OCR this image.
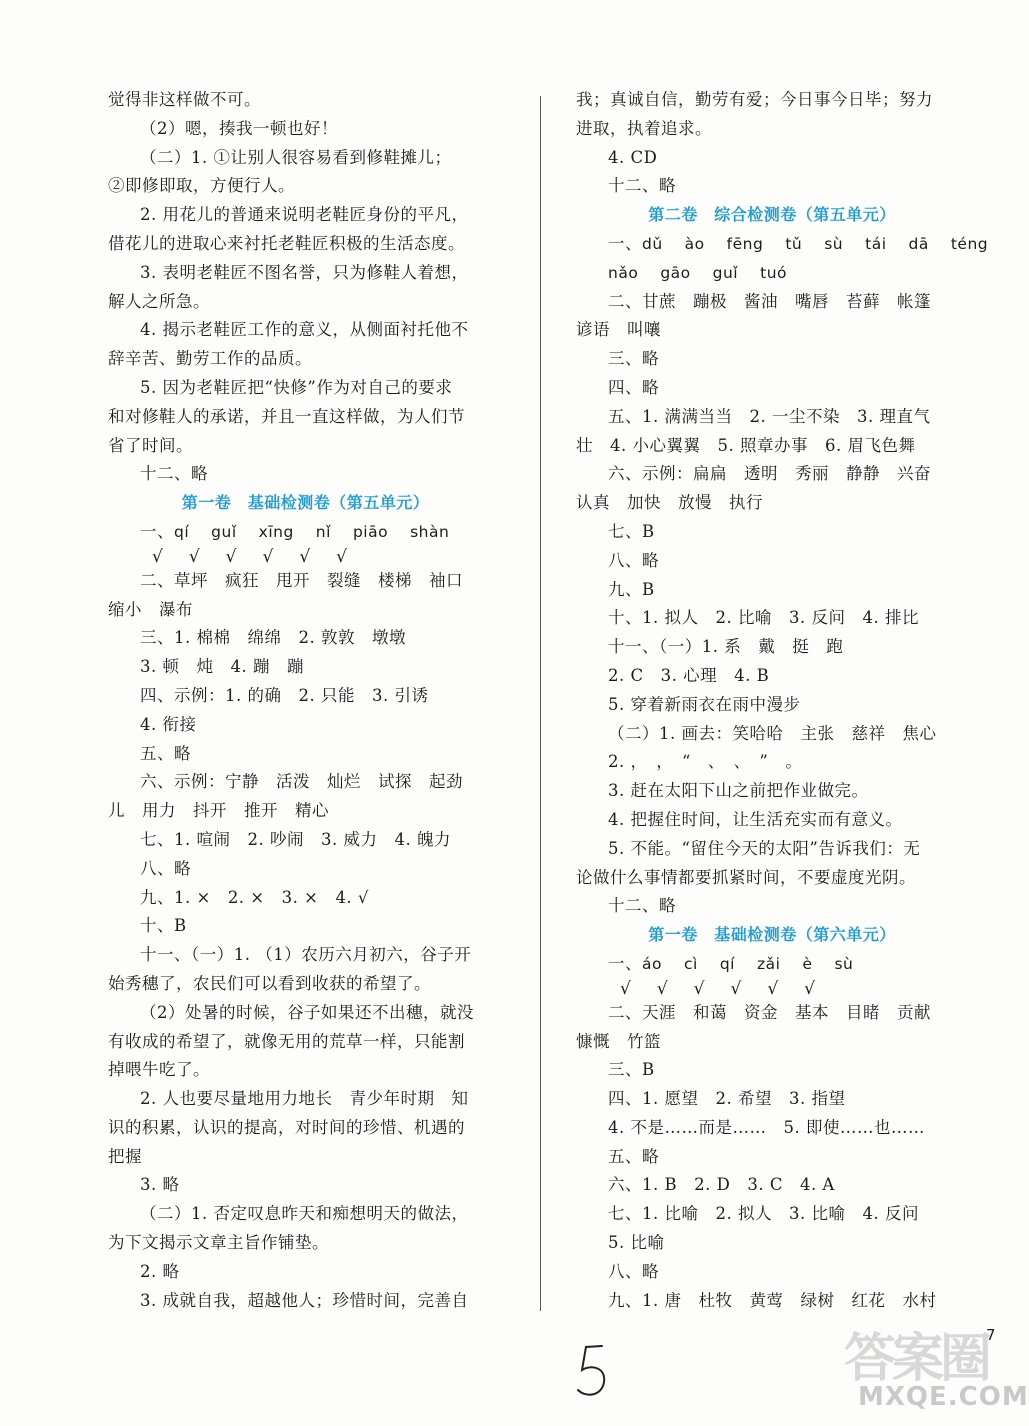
觉得非这样做不可。
（2）嗯，揍我一顿也好！
（二）1. ①让别人很容易看到修鞋摊儿；
②即修即取，方便行人。
2. 用花儿的普通来说明老鞋匠身份的平凡，
借花儿的进取心来衬托老鞋匠积极的生活态度。
3. 表明老鞋匠不图名誉，只为修鞋人着想，
解人之所急。
4. 揭示老鞋匠工作的意义，从侧面衬托他不
辞辛苦、勤劳工作的品质。
5. 因为老鞋匠把“快修”作为对自己的要求
和对修鞋人的承诺，并且一直这样做，为人们节
省了时间。
十二、略
第一卷　基础检测卷（第五单元）
一、qí guǐ xīng nǐ piāo shàn
√√√√√√
二、草坪　疯狂　甩开　裂缝　楼梯　袖口
缩小　瀑布
三、1. 棉棉　绵绵　2. 敦敦　墩墩
3. 顿　炖　4. 蹦　蹦
四、示例：1. 的确　2. 只能　3. 引诱
4. 衔接
五、略
六、示例：宁静　活泼　灿烂　试探　起劲
儿　用力　抖开　推开　精心
七、1. 喧闹　2. 吵闹　3. 威力　4. 魄力
八、略
九、1. ×　2. ×　3. ×　4. √
十、B
十一、（一）1. （1）农历六月初六，谷子开
始秀穗了，农民们可以看到收获的希望了。
（2）处暑的时候，谷子如果还不出穗，就没
有收成的希望了，就像无用的荒草一样，只能割
掉喂牛吃了。
2. 人也要尽量地用力地长　青少年时期　知
识的积累，认识的提高，对时间的珍惜、机遇的
把握
3. 略
（二）1. 否定叹息昨天和痴想明天的做法，
为下文揭示文章主旨作铺垫。
2. 略
3. 成就自我，超越他人；珍惜时间，完善自
我；真诚自信，勤劳有爱；今日事今日毕；努力
进取，执着追求。
4. CD
十二、略
第二卷　综合检测卷（第五单元）
一、dǔ ào fēng tǔ sù tái dā téng
nǎo gāo guǐ tuó
二、甘蔗　蹦极　酱油　嘴唇　苔藓　帐篷
谚语　叫嚷
三、略
四、略
五、1. 满满当当　2. 一尘不染　3. 理直气
壮　4. 小心翼翼　5. 照章办事　6. 眉飞色舞
六、示例：扁扁　透明　秀丽　静静　兴奋
认真　加快　放慢　执行
七、B
八、略
九、B
十、1. 拟人　2. 比喻　3. 反问　4. 排比
十一、（一）1. 系　戴　挺　跑
2. C　3. 心理　4. B
5. 穿着新雨衣在雨中漫步
（二）1. 画去：笑哈哈　主张　慈祥　焦心
2. ，　，　“　、　、　”　。
3. 赶在太阳下山之前把作业做完。
4. 把握住时间，让生活充实而有意义。
5. 不能。“留住今天的太阳”告诉我们：无
论做什么事情都要抓紧时间，不要虚度光阴。
十二、略
第一卷　基础检测卷（第六单元）
一、áo cì qí zǎi è sù
√√√√√√
二、天涯　和蔼　资金　基本　目睹　贡献
慷慨　竹篮
三、B
四、1. 愿望　2. 希望　3. 指望
4. 不是……而是……　5. 即使……也……
五、略
六、1. B　2. D　3. C　4. A
七、1. 比喻　2. 拟人　3. 比喻　4. 反问
5. 比喻
八、略
九、1. 唐　杜牧　黄莺　绿树　红花　水村
7
答案圈
MXQE.COM
